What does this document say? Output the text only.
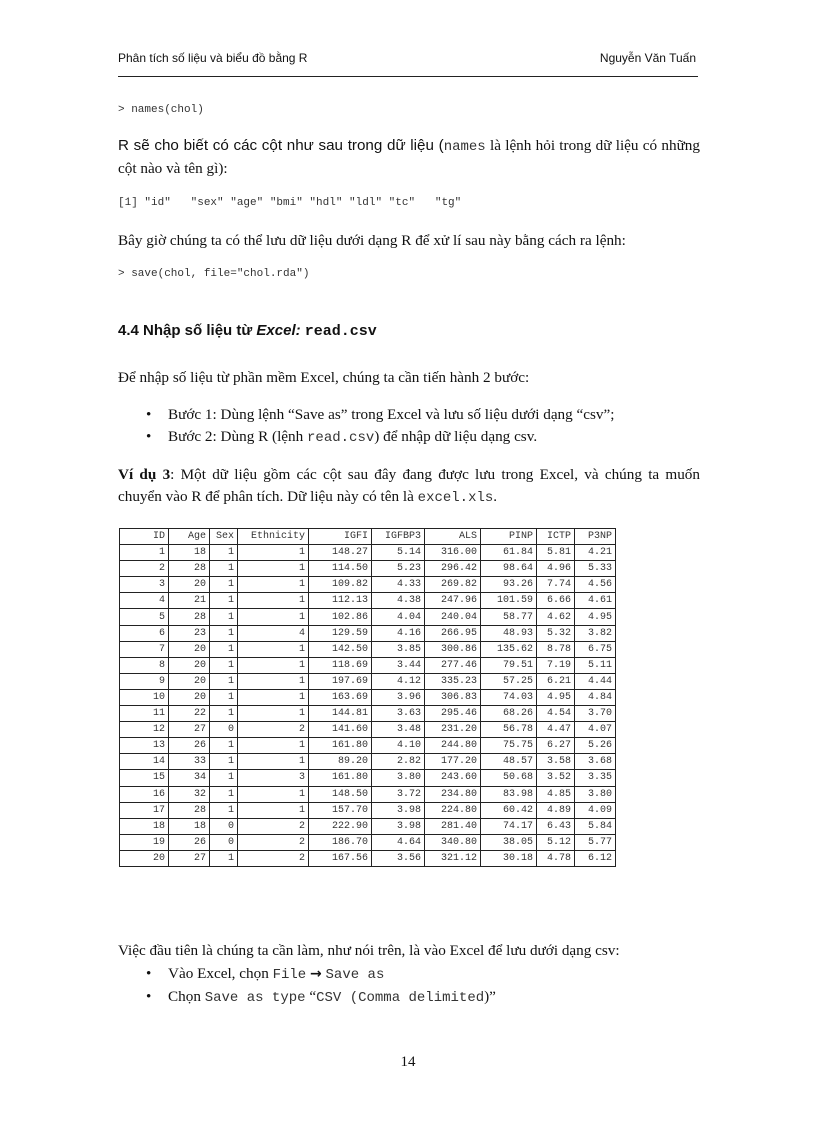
Phân tích số liệu và biểu đồ bằng R	Nguyễn Văn Tuấn
> names(chol)
R sẽ cho biết có các cột như sau trong dữ liệu (names là lệnh hỏi trong dữ liệu có những cột nào và tên gì):
[1] "id"   "sex" "age" "bmi" "hdl" "ldl" "tc"   "tg"
Bây giờ chúng ta có thể lưu dữ liệu dưới dạng R để xử lí sau này bằng cách ra lệnh:
> save(chol, file="chol.rda")
4.4 Nhập số liệu từ Excel: read.csv
Để nhập số liệu từ phần mềm Excel, chúng ta cần tiến hành 2 bước:
• Bước 1: Dùng lệnh “Save as” trong Excel và lưu số liệu dưới dạng “csv”;
• Bước 2: Dùng R (lệnh read.csv) để nhập dữ liệu dạng csv.
Ví dụ 3: Một dữ liệu gồm các cột sau đây đang được lưu trong Excel, và chúng ta muốn chuyển vào R để phân tích. Dữ liệu này có tên là excel.xls.
ID	Age	Sex	Ethnicity	IGFI	IGFBP3	ALS	PINP	ICTP	P3NP
1	18	1	1	148.27	5.14	316.00	61.84	5.81	4.21
2	28	1	1	114.50	5.23	296.42	98.64	4.96	5.33
3	20	1	1	109.82	4.33	269.82	93.26	7.74	4.56
4	21	1	1	112.13	4.38	247.96	101.59	6.66	4.61
5	28	1	1	102.86	4.04	240.04	58.77	4.62	4.95
6	23	1	4	129.59	4.16	266.95	48.93	5.32	3.82
7	20	1	1	142.50	3.85	300.86	135.62	8.78	6.75
8	20	1	1	118.69	3.44	277.46	79.51	7.19	5.11
9	20	1	1	197.69	4.12	335.23	57.25	6.21	4.44
10	20	1	1	163.69	3.96	306.83	74.03	4.95	4.84
11	22	1	1	144.81	3.63	295.46	68.26	4.54	3.70
12	27	0	2	141.60	3.48	231.20	56.78	4.47	4.07
13	26	1	1	161.80	4.10	244.80	75.75	6.27	5.26
14	33	1	1	89.20	2.82	177.20	48.57	3.58	3.68
15	34	1	3	161.80	3.80	243.60	50.68	3.52	3.35
16	32	1	1	148.50	3.72	234.80	83.98	4.85	3.80
17	28	1	1	157.70	3.98	224.80	60.42	4.89	4.09
18	18	0	2	222.90	3.98	281.40	74.17	6.43	5.84
19	26	0	2	186.70	4.64	340.80	38.05	5.12	5.77
20	27	1	2	167.56	3.56	321.12	30.18	4.78	6.12
Việc đầu tiên là chúng ta cần làm, như nói trên, là vào Excel để lưu dưới dạng csv:
• Vào Excel, chọn File → Save as
• Chọn Save as type “CSV (Comma delimited)”
14
